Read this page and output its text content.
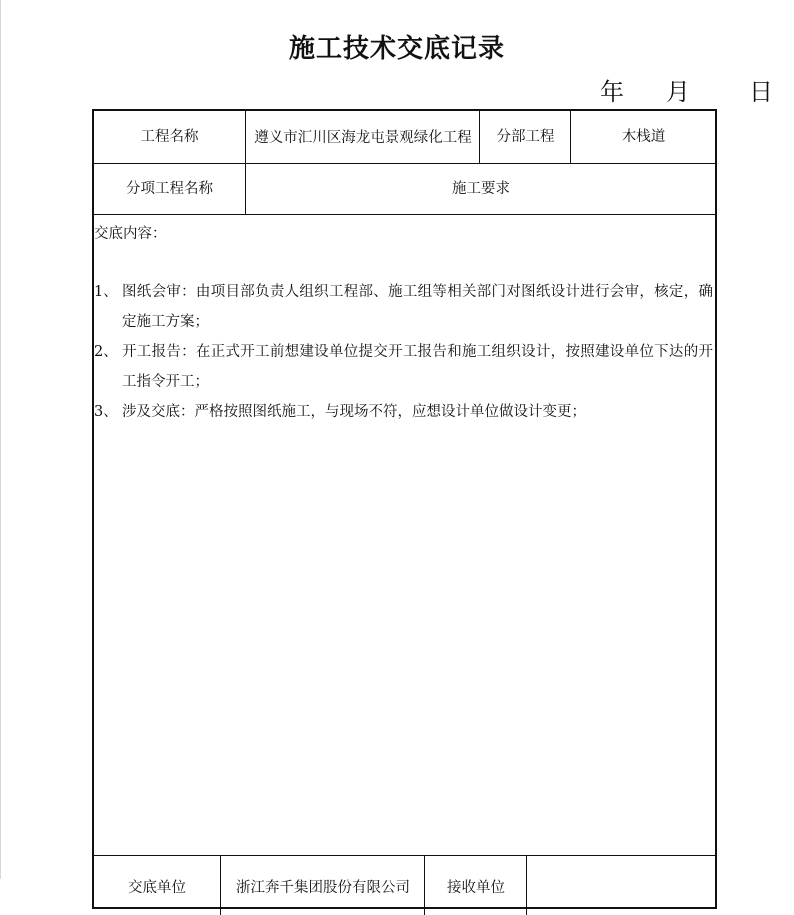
施工技术交底记录
年 月 日
工程名称	遵义市汇川区海龙屯景观绿化工程	分部工程	木栈道
分项工程名称	施工要求
交底内容：
1、 图纸会审：由项目部负责人组织工程部、施工组等相关部门对图纸设计进行会审，核定，确定施工方案；
2、 开工报告：在正式开工前想建设单位提交开工报告和施工组织设计，按照建设单位下达的开工指令开工；
3、 涉及交底：严格按照图纸施工，与现场不符，应想设计单位做设计变更；
交底单位	浙江奔千集团股份有限公司	接收单位
